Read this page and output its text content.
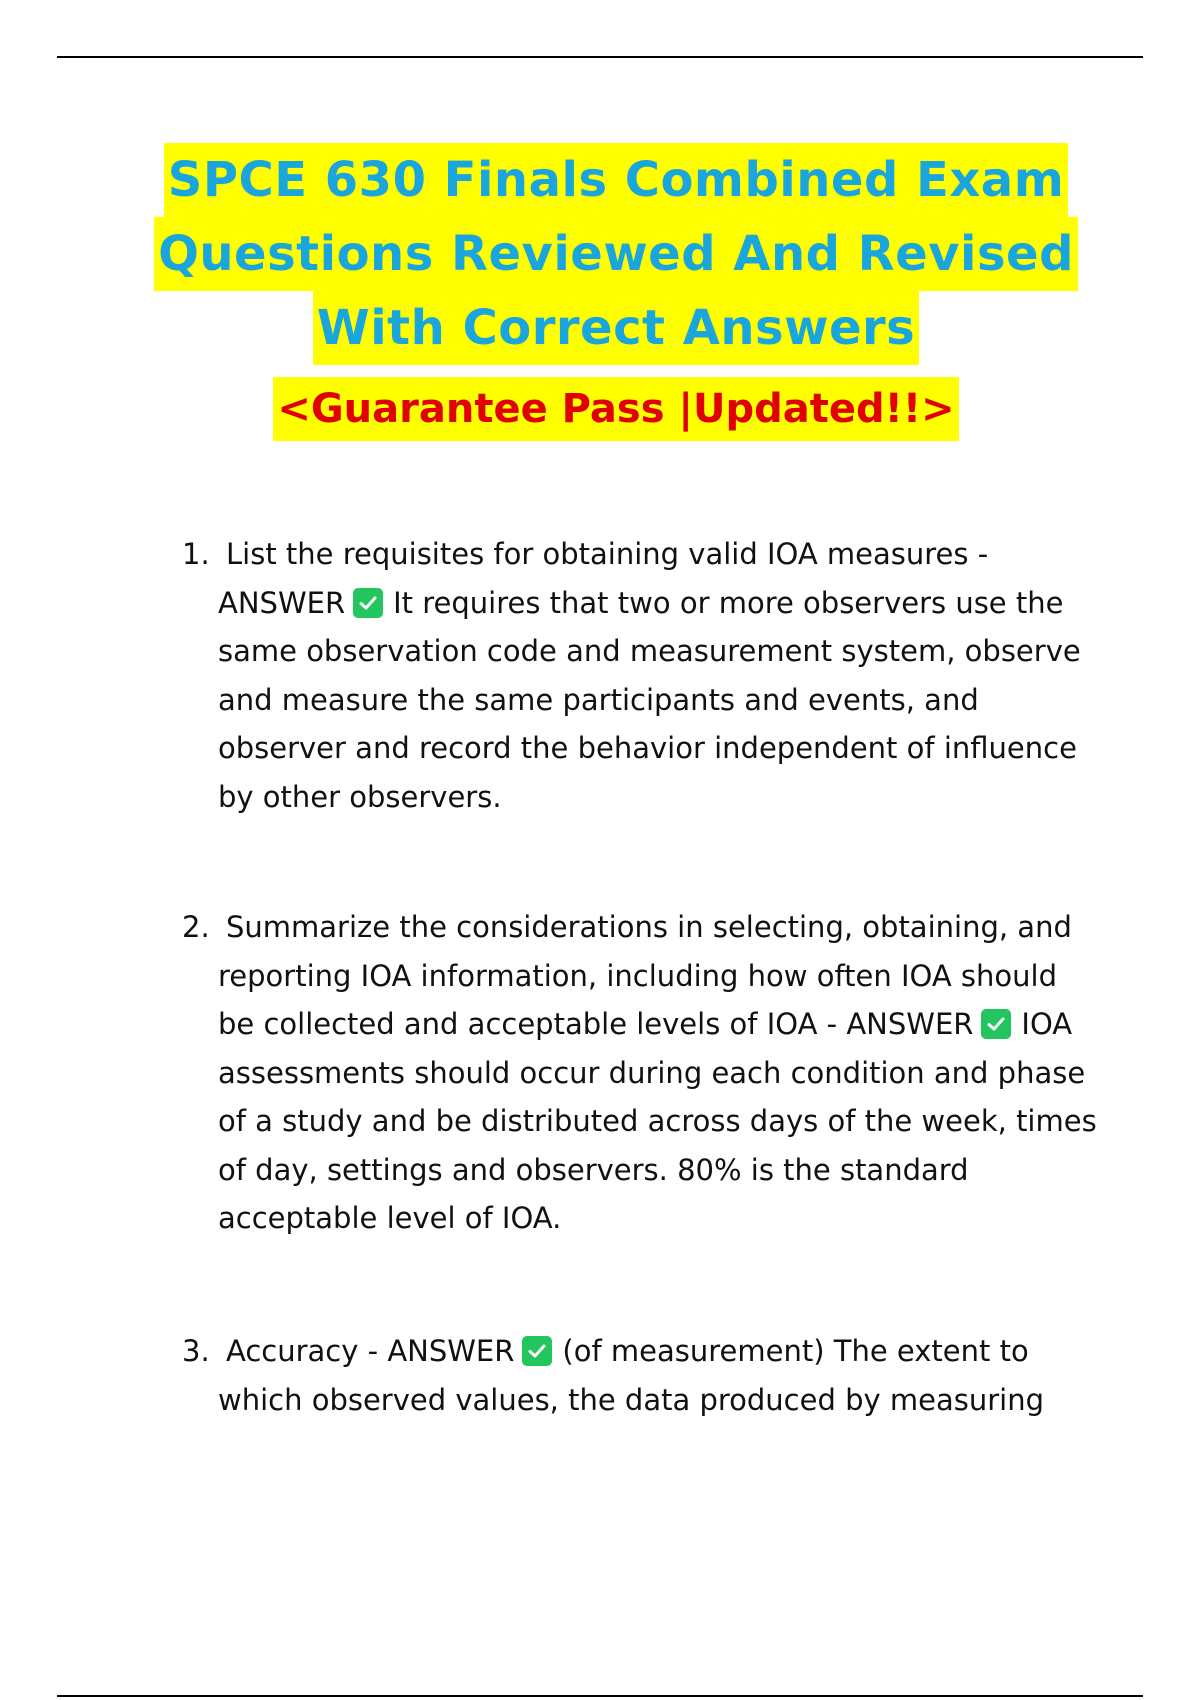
SPCE 630 Finals Combined Exam
Questions Reviewed And Revised
With Correct Answers
<Guarantee Pass |Updated!!>
1. List the requisites for obtaining valid IOA measures - ANSWER It requires that two or more observers use the same observation code and measurement system, observe and measure the same participants and events, and observer and record the behavior independent of influence by other observers.
2. Summarize the considerations in selecting, obtaining, and reporting IOA information, including how often IOA should be collected and acceptable levels of IOA - ANSWER IOA assessments should occur during each condition and phase of a study and be distributed across days of the week, times of day, settings and observers. 80% is the standard acceptable level of IOA.
3. Accuracy - ANSWER (of measurement) The extent to which observed values, the data produced by measuring
